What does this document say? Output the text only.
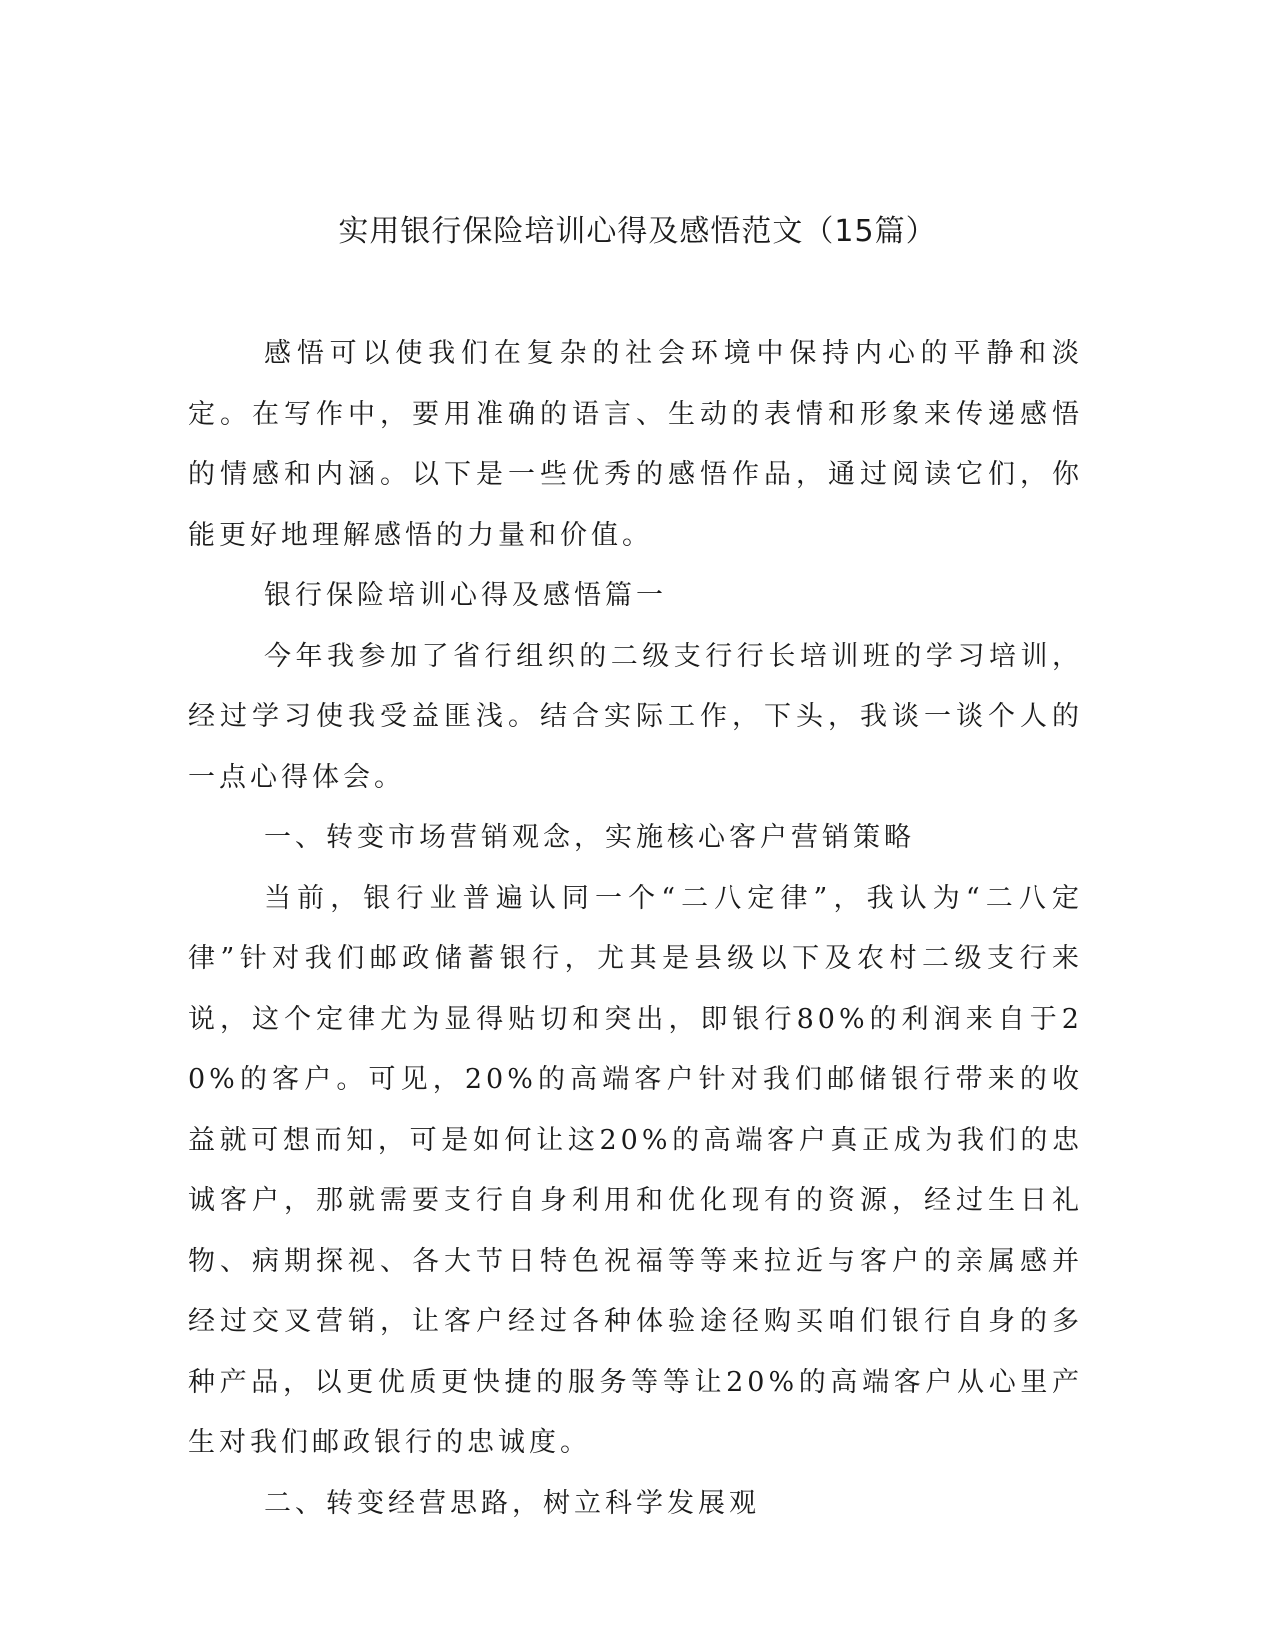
实用银行保险培训心得及感悟范文（15篇）

感悟可以使我们在复杂的社会环境中保持内心的平静和淡定。在写作中，要用准确的语言、生动的表情和形象来传递感悟的情感和内涵。以下是一些优秀的感悟作品，通过阅读它们，你能更好地理解感悟的力量和价值。

银行保险培训心得及感悟篇一

今年我参加了省行组织的二级支行行长培训班的学习培训，经过学习使我受益匪浅。结合实际工作，下头，我谈一谈个人的一点心得体会。

一、转变市场营销观念，实施核心客户营销策略

当前，银行业普遍认同一个“二八定律”，我认为“二八定律”针对我们邮政储蓄银行，尤其是县级以下及农村二级支行来说，这个定律尤为显得贴切和突出，即银行80%的利润来自于20%的客户。可见，20%的高端客户针对我们邮储银行带来的收益就可想而知，可是如何让这20%的高端客户真正成为我们的忠诚客户，那就需要支行自身利用和优化现有的资源，经过生日礼物、病期探视、各大节日特色祝福等等来拉近与客户的亲属感并经过交叉营销，让客户经过各种体验途径购买咱们银行自身的多种产品，以更优质更快捷的服务等等让20%的高端客户从心里产生对我们邮政银行的忠诚度。

二、转变经营思路，树立科学发展观
